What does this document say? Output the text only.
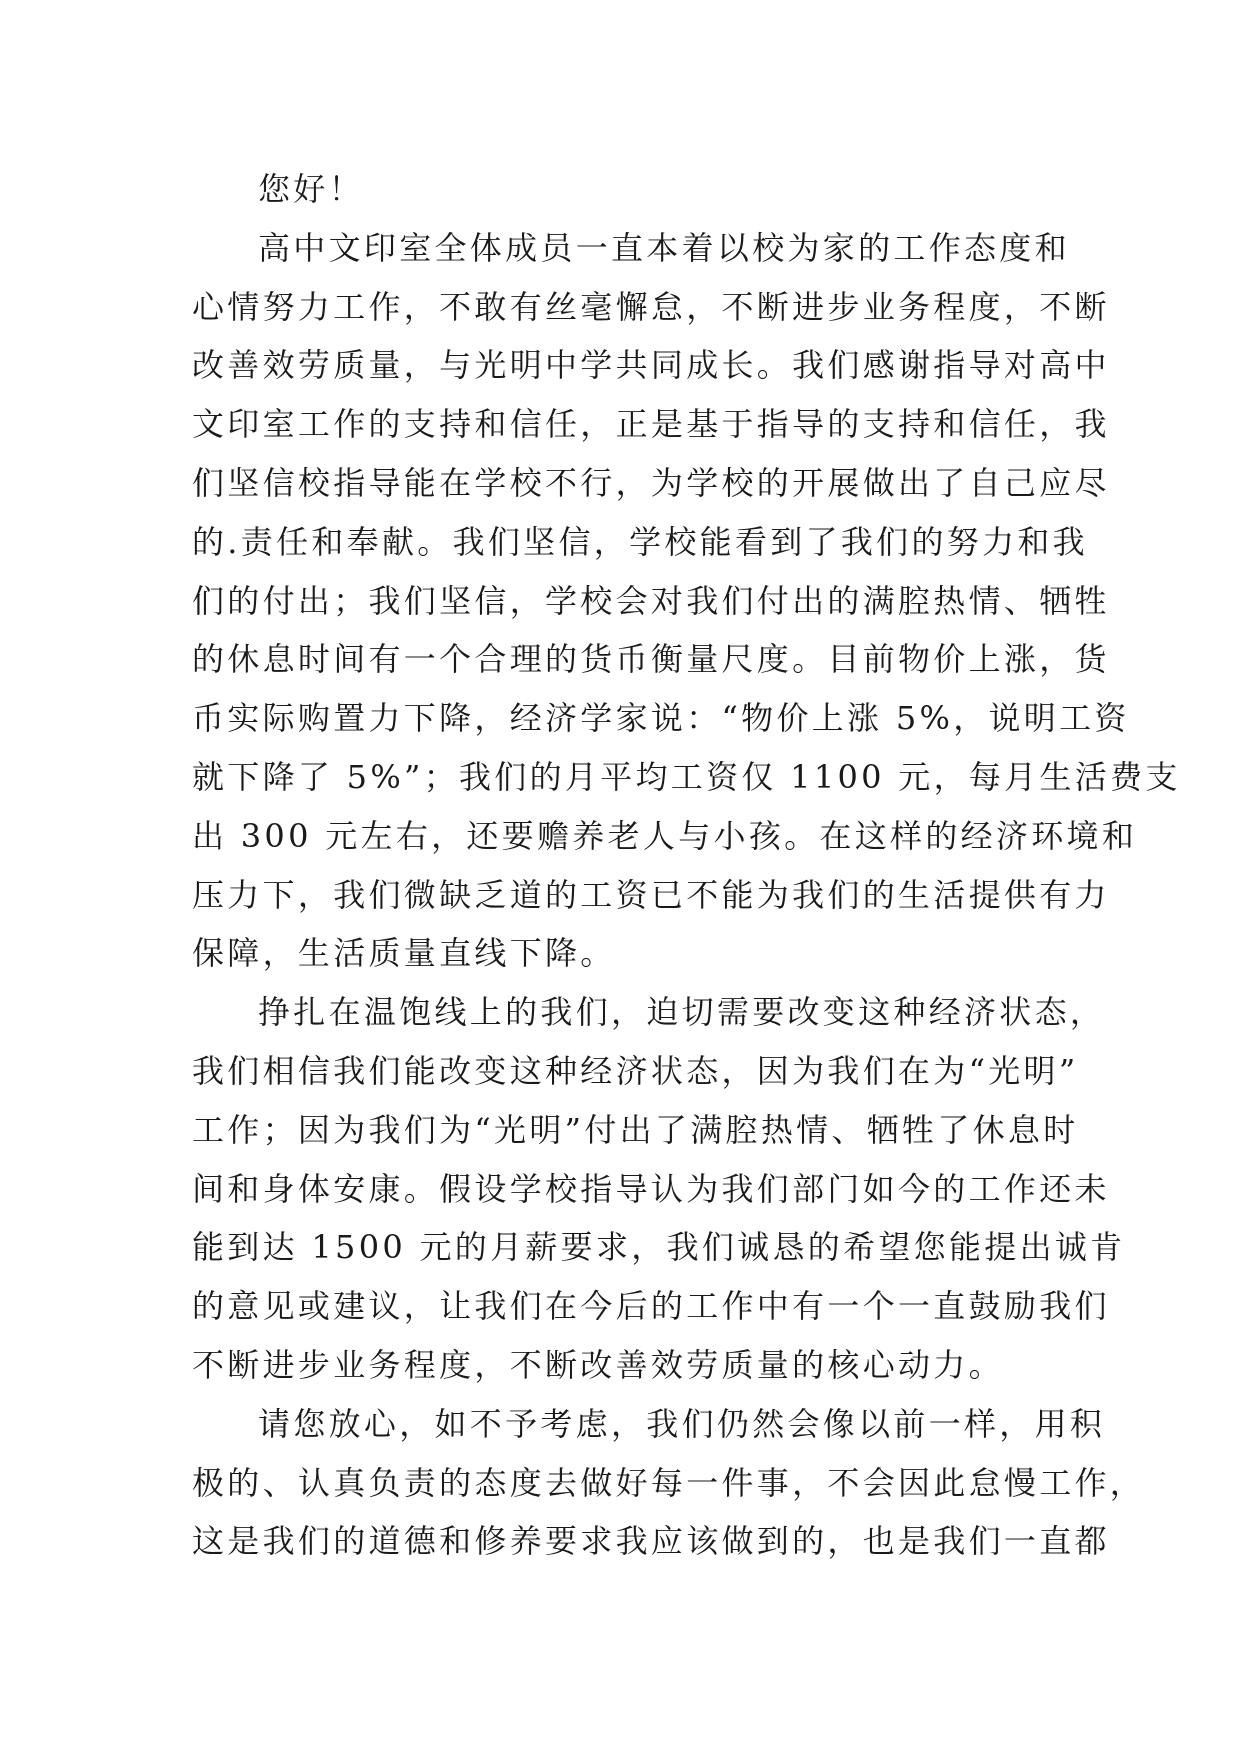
您好！

高中文印室全体成员一直本着以校为家的工作态度和

心情努力工作，不敢有丝毫懈怠，不断进步业务程度，不断

改善效劳质量，与光明中学共同成长。我们感谢指导对高中

文印室工作的支持和信任，正是基于指导的支持和信任，我

们坚信校指导能在学校不行，为学校的开展做出了自己应尽

的.责任和奉献。我们坚信，学校能看到了我们的努力和我

们的付出；我们坚信，学校会对我们付出的满腔热情、牺牲

的休息时间有一个合理的货币衡量尺度。目前物价上涨，货

币实际购置力下降，经济学家说：“物价上涨 5%，说明工资

就下降了 5%”；我们的月平均工资仅 1100 元，每月生活费支

出 300 元左右，还要赡养老人与小孩。在这样的经济环境和

压力下，我们微缺乏道的工资已不能为我们的生活提供有力

保障，生活质量直线下降。

挣扎在温饱线上的我们，迫切需要改变这种经济状态，

我们相信我们能改变这种经济状态，因为我们在为“光明”

工作；因为我们为“光明”付出了满腔热情、牺牲了休息时

间和身体安康。假设学校指导认为我们部门如今的工作还未

能到达 1500 元的月薪要求，我们诚恳的希望您能提出诚肯

的意见或建议，让我们在今后的工作中有一个一直鼓励我们

不断进步业务程度，不断改善效劳质量的核心动力。

请您放心，如不予考虑，我们仍然会像以前一样，用积

极的、认真负责的态度去做好每一件事，不会因此怠慢工作，

这是我们的道德和修养要求我应该做到的，也是我们一直都
